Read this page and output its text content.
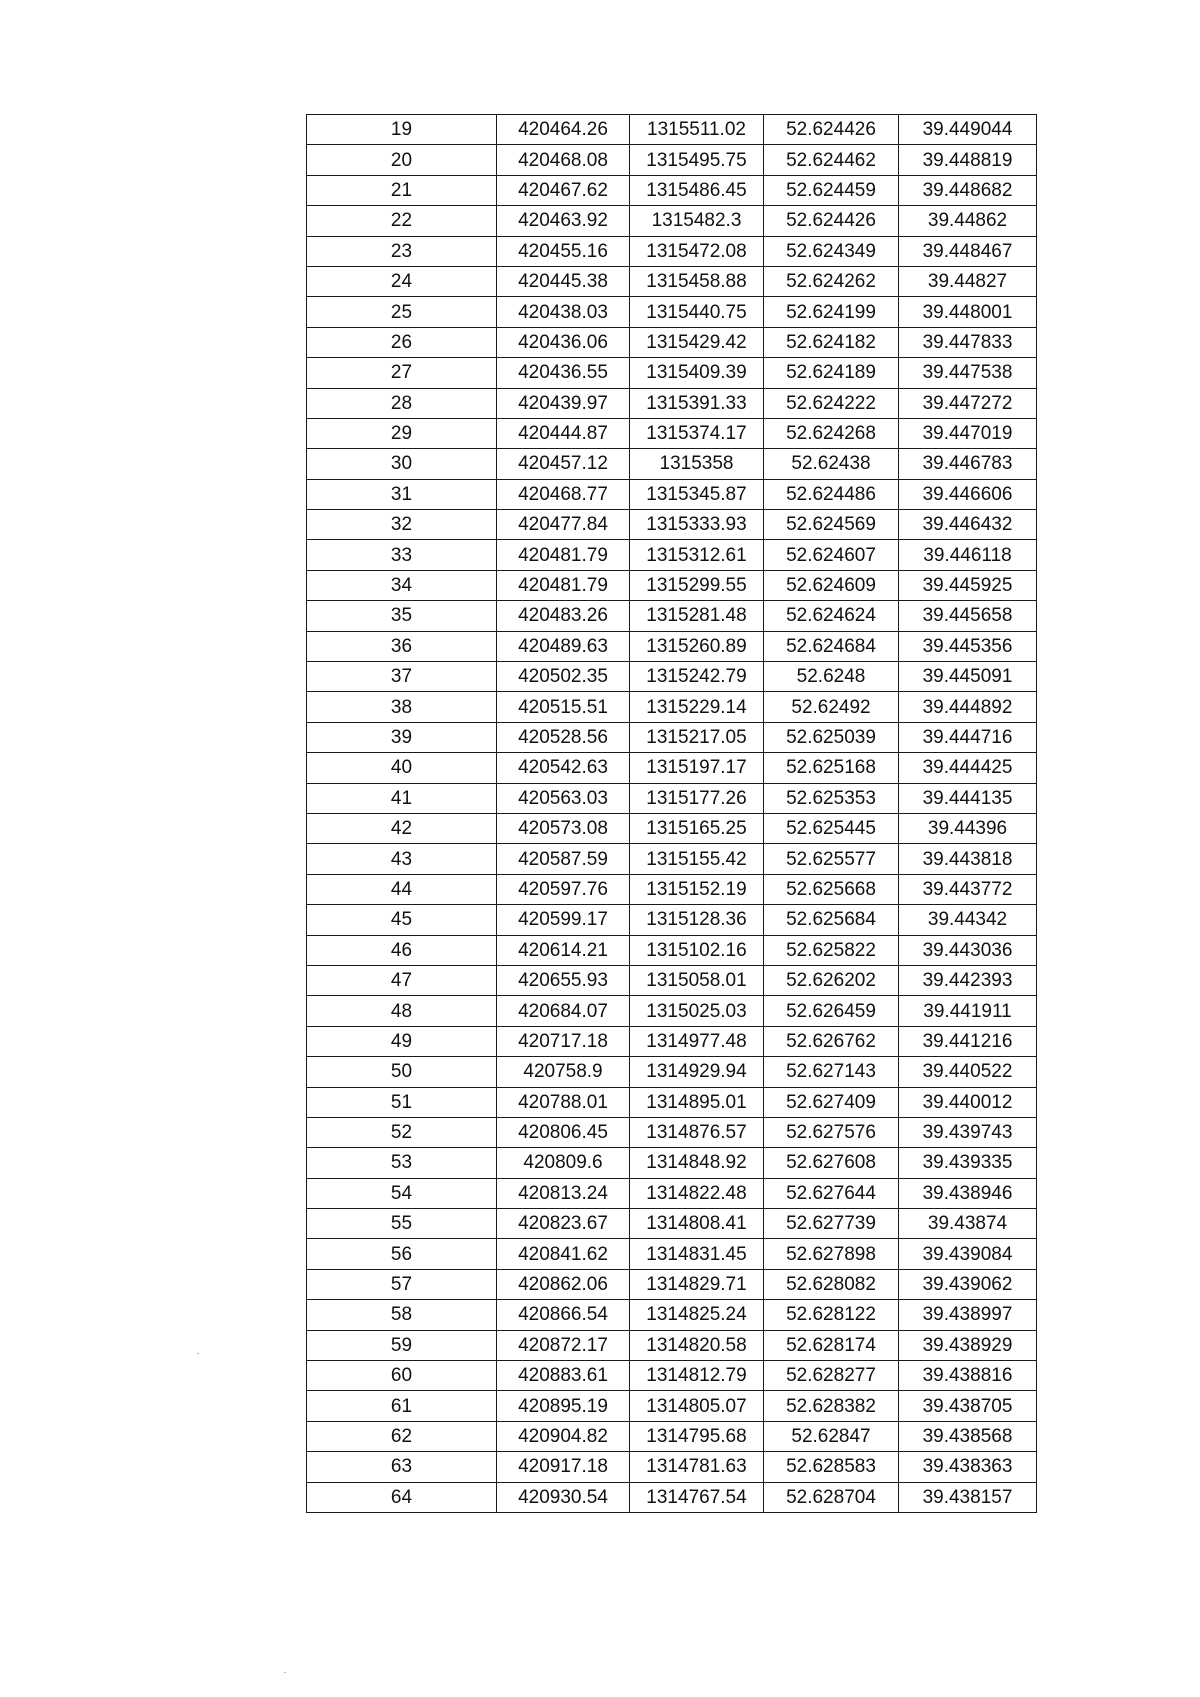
19	420464.26	1315511.02	52.624426	39.449044
20	420468.08	1315495.75	52.624462	39.448819
21	420467.62	1315486.45	52.624459	39.448682
22	420463.92	1315482.3	52.624426	39.44862
23	420455.16	1315472.08	52.624349	39.448467
24	420445.38	1315458.88	52.624262	39.44827
25	420438.03	1315440.75	52.624199	39.448001
26	420436.06	1315429.42	52.624182	39.447833
27	420436.55	1315409.39	52.624189	39.447538
28	420439.97	1315391.33	52.624222	39.447272
29	420444.87	1315374.17	52.624268	39.447019
30	420457.12	1315358	52.62438	39.446783
31	420468.77	1315345.87	52.624486	39.446606
32	420477.84	1315333.93	52.624569	39.446432
33	420481.79	1315312.61	52.624607	39.446118
34	420481.79	1315299.55	52.624609	39.445925
35	420483.26	1315281.48	52.624624	39.445658
36	420489.63	1315260.89	52.624684	39.445356
37	420502.35	1315242.79	52.6248	39.445091
38	420515.51	1315229.14	52.62492	39.444892
39	420528.56	1315217.05	52.625039	39.444716
40	420542.63	1315197.17	52.625168	39.444425
41	420563.03	1315177.26	52.625353	39.444135
42	420573.08	1315165.25	52.625445	39.44396
43	420587.59	1315155.42	52.625577	39.443818
44	420597.76	1315152.19	52.625668	39.443772
45	420599.17	1315128.36	52.625684	39.44342
46	420614.21	1315102.16	52.625822	39.443036
47	420655.93	1315058.01	52.626202	39.442393
48	420684.07	1315025.03	52.626459	39.441911
49	420717.18	1314977.48	52.626762	39.441216
50	420758.9	1314929.94	52.627143	39.440522
51	420788.01	1314895.01	52.627409	39.440012
52	420806.45	1314876.57	52.627576	39.439743
53	420809.6	1314848.92	52.627608	39.439335
54	420813.24	1314822.48	52.627644	39.438946
55	420823.67	1314808.41	52.627739	39.43874
56	420841.62	1314831.45	52.627898	39.439084
57	420862.06	1314829.71	52.628082	39.439062
58	420866.54	1314825.24	52.628122	39.438997
59	420872.17	1314820.58	52.628174	39.438929
60	420883.61	1314812.79	52.628277	39.438816
61	420895.19	1314805.07	52.628382	39.438705
62	420904.82	1314795.68	52.62847	39.438568
63	420917.18	1314781.63	52.628583	39.438363
64	420930.54	1314767.54	52.628704	39.438157
